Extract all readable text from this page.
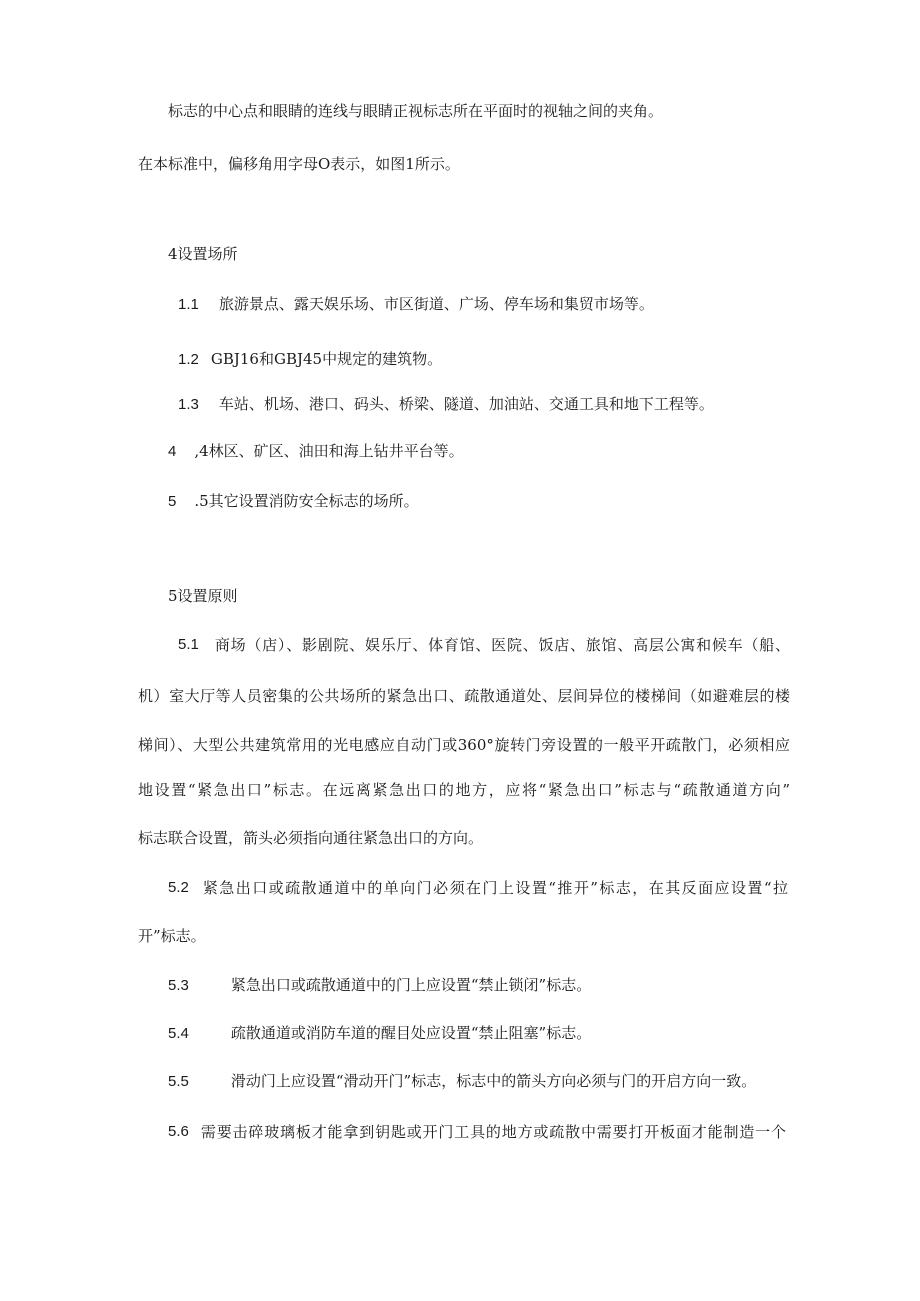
标志的中心点和眼睛的连线与眼睛正视标志所在平面时的视轴之间的夹角。
在本标准中，偏移角用字母O表示，如图1所示。
4设置场所
1.1 旅游景点、露天娱乐场、市区街道、广场、停车场和集贸市场等。
1.2 GBJ16和GBJ45中规定的建筑物。
1.3 车站、机场、港口、码头、桥梁、隧道、加油站、交通工具和地下工程等。
4 ,4林区、矿区、油田和海上钻井平台等。
5 .5其它设置消防安全标志的场所。
5设置原则
5.1 商场（店）、影剧院、娱乐厅、体育馆、医院、饭店、旅馆、高层公寓和候车（船、
机）室大厅等人员密集的公共场所的紧急出口、疏散通道处、层间异位的楼梯间（如避难层的楼
梯间）、大型公共建筑常用的光电感应自动门或360°旋转门旁设置的一般平开疏散门，必须相应
地设置“紧急出口”标志。在远离紧急出口的地方，应将“紧急出口”标志与“疏散通道方向”
标志联合设置，箭头必须指向通往紧急出口的方向。
5.2 紧急出口或疏散通道中的单向门必须在门上设置“推开”标志，在其反面应设置“拉
开”标志。
5.3	紧急出口或疏散通道中的门上应设置“禁止锁闭”标志。
5.4	疏散通道或消防车道的醒目处应设置“禁止阻塞”标志。
5.5	滑动门上应设置“滑动开门”标志，标志中的箭头方向必须与门的开启方向一致。
5.6 需要击碎玻璃板才能拿到钥匙或开门工具的地方或疏散中需要打开板面才能制造一个
